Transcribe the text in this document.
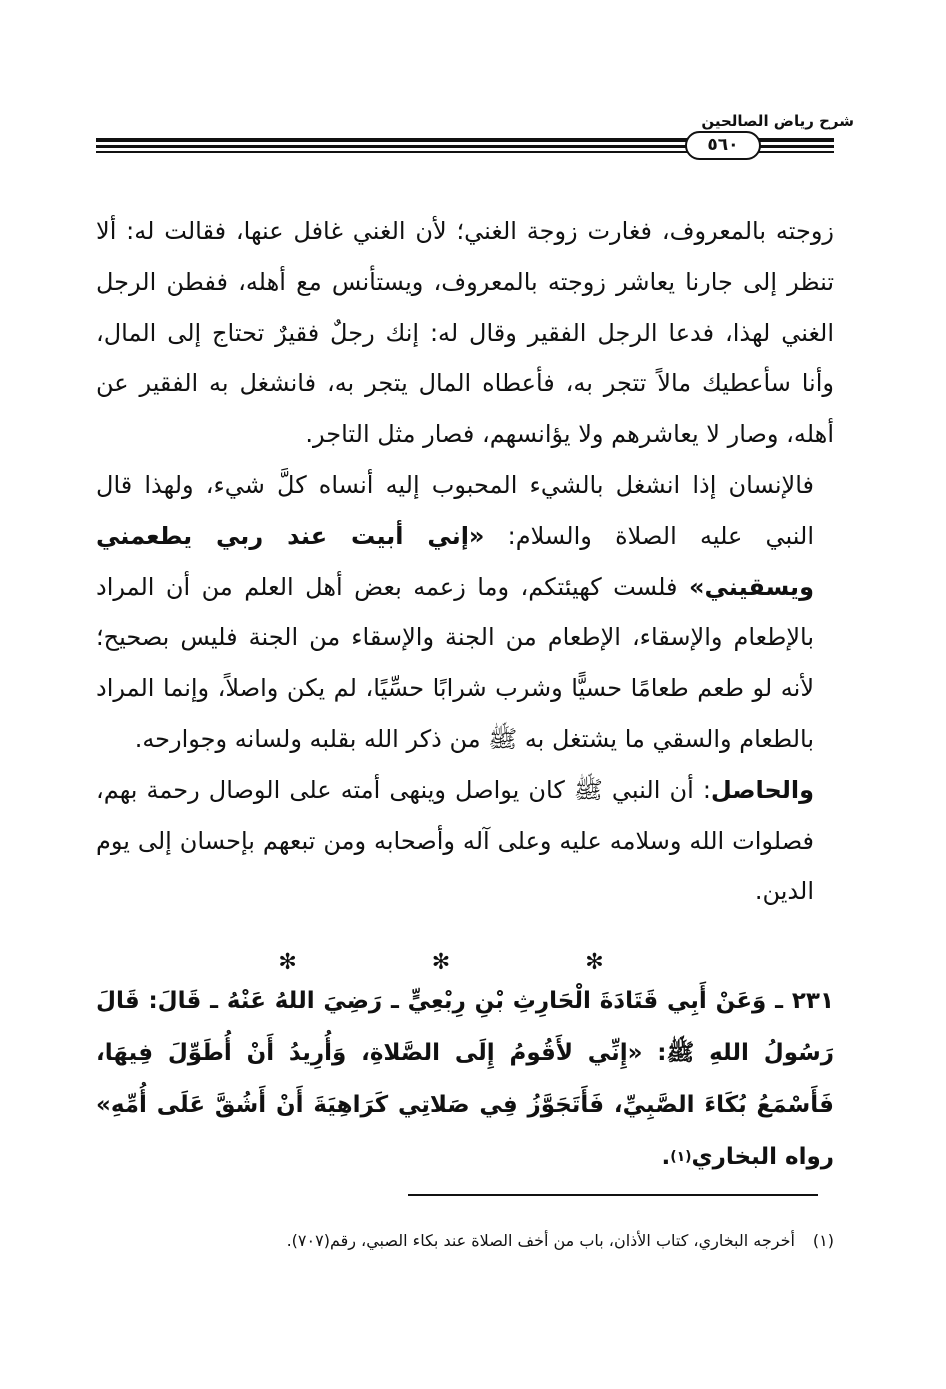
شرح رياض الصالحين
٥٦٠

زوجته بالمعروف، فغارت زوجة الغني؛ لأن الغني غافل عنها، فقالت له: ألا تنظر إلى جارنا يعاشر زوجته بالمعروف، ويستأنس مع أهله، ففطن الرجل الغني لهذا، فدعا الرجل الفقير وقال له: إنك رجلٌ فقيرٌ تحتاج إلى المال، وأنا سأعطيك مالاً تتجر به، فأعطاه المال يتجر به، فانشغل به الفقير عن أهله، وصار لا يعاشرهم ولا يؤانسهم، فصار مثل التاجر.

فالإنسان إذا انشغل بالشيء المحبوب إليه أنساه كلَّ شيء، ولهذا قال النبي عليه الصلاة والسلام: «إني أبيت عند ربي يطعمني ويسقيني» فلست كهيئتكم، وما زعمه بعض أهل العلم من أن المراد بالإطعام والإسقاء، الإطعام من الجنة والإسقاء من الجنة فليس بصحيح؛ لأنه لو طعم طعامًا حسيًّا وشرب شرابًا حسِّيًا، لم يكن واصلاً، وإنما المراد بالطعام والسقي ما يشتغل به ﷺ من ذكر الله بقلبه ولسانه وجوارحه.

والحاصل: أن النبي ﷺ كان يواصل وينهى أمته على الوصال رحمة بهم، فصلوات الله وسلامه عليه وعلى آله وأصحابه ومن تبعهم بإحسان إلى يوم الدين.

✻ ✻ ✻

٢٣١ ـ وَعَنْ أَبِي قَتَادَةَ الْحَارِثِ بْنِ رِبْعِيٍّ ـ رَضِيَ اللهُ عَنْهُ ـ قَالَ: قَالَ رَسُولُ اللهِ ﷺ: «إِنِّي لأَقُومُ إِلَى الصَّلاةِ، وَأُرِيدُ أَنْ أُطَوِّلَ فِيهَا، فَأَسْمَعُ بُكَاءَ الصَّبِيِّ، فَأَتَجَوَّزُ فِي صَلاتِي كَرَاهِيَةَ أَنْ أَشُقَّ عَلَى أُمِّهِ» رواه البخاري$^{(١)}$.

(١)أخرجه البخاري، كتاب الأذان، باب من أخف الصلاة عند بكاء الصبي، رقم(٧٠٧).
